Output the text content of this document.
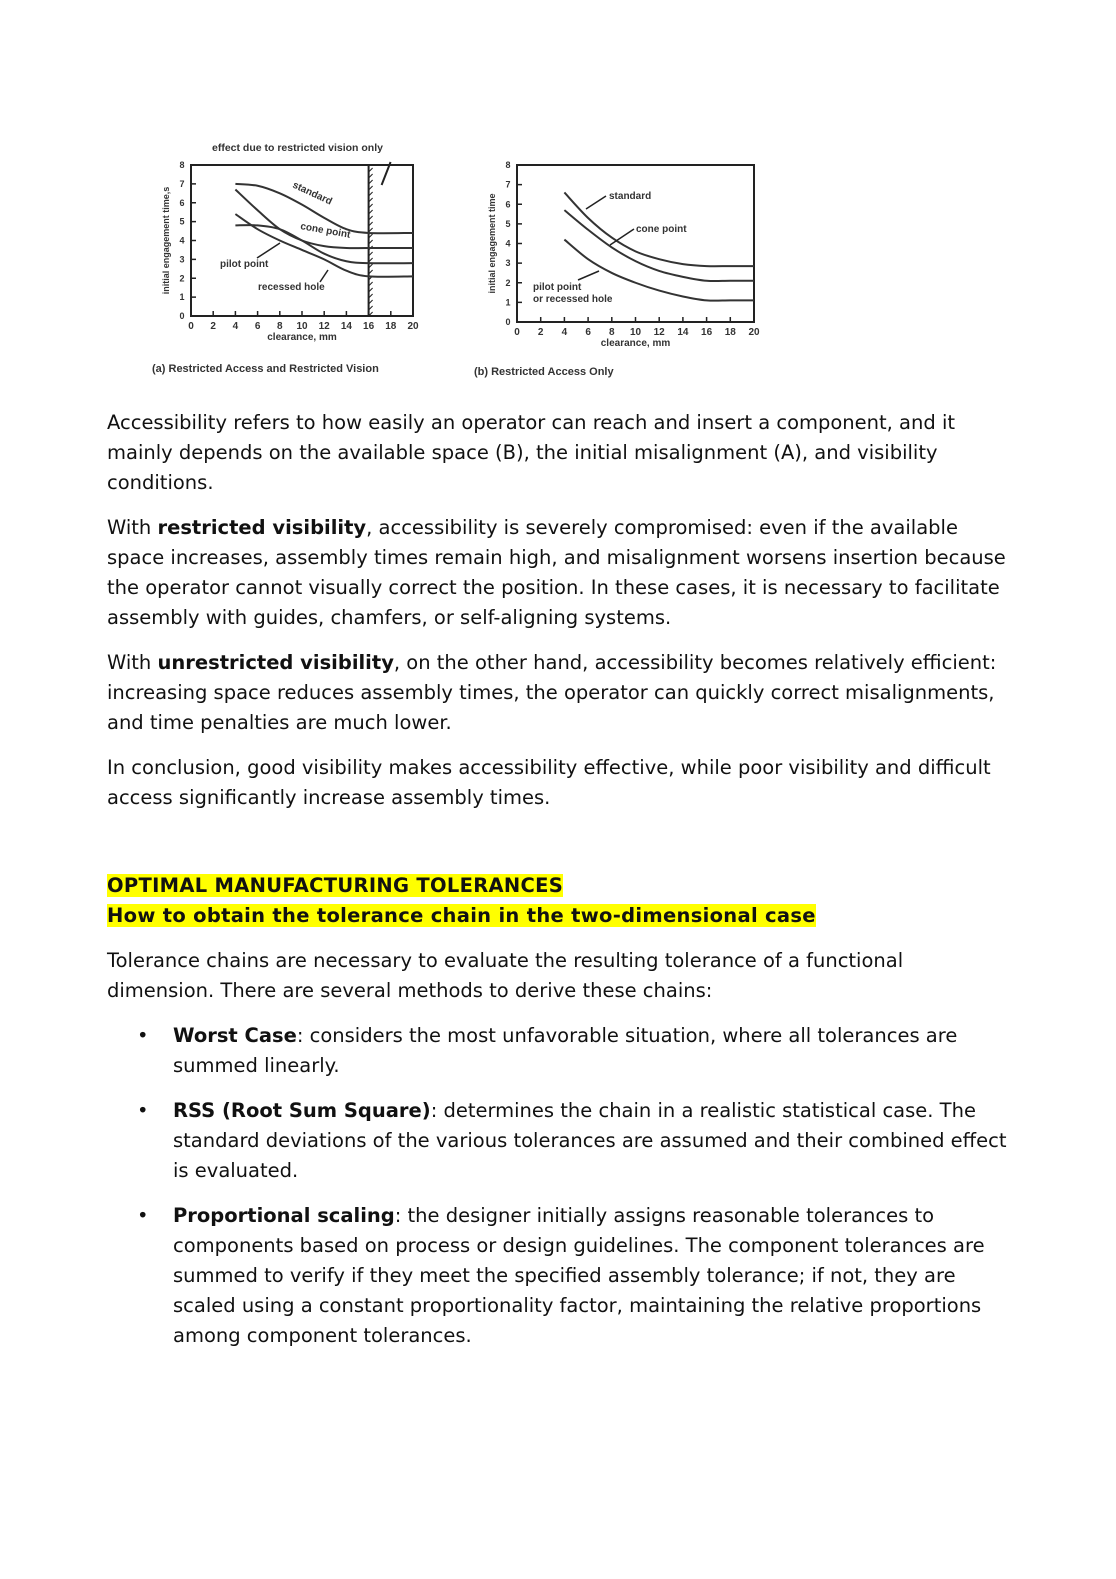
0 2 4 6 8 10 12 14 16 18 20
0
1
2
3
4
5
6
7
8
clearance, mm
initial engagement time,s
(a) Restricted Access and Restricted Vision
effect due to restricted vision only
standard
cone point
pilot point
recessed hole
0 2 4 6 8 10 12 14 16 18 20
0
1
2
3
4
5
6
7
8
clearance, mm
initial engagement time
(b) Restricted Access Only
standard
cone point
pilot point or recessed hole

Accessibility refers to how easily an operator can reach and insert a component, and it mainly depends on the available space (B), the initial misalignment (A), and visibility conditions.

With restricted visibility, accessibility is severely compromised: even if the available space increases, assembly times remain high, and misalignment worsens insertion because the operator cannot visually correct the position. In these cases, it is necessary to facilitate assembly with guides, chamfers, or self-aligning systems.

With unrestricted visibility, on the other hand, accessibility becomes relatively efficient: increasing space reduces assembly times, the operator can quickly correct misalignments, and time penalties are much lower.

In conclusion, good visibility makes accessibility effective, while poor visibility and difficult access significantly increase assembly times.

OPTIMAL MANUFACTURING TOLERANCES
How to obtain the tolerance chain in the two-dimensional case

Tolerance chains are necessary to evaluate the resulting tolerance of a functional dimension. There are several methods to derive these chains:

• Worst Case: considers the most unfavorable situation, where all tolerances are summed linearly.
• RSS (Root Sum Square): determines the chain in a realistic statistical case. The standard deviations of the various tolerances are assumed and their combined effect is evaluated.
• Proportional scaling: the designer initially assigns reasonable tolerances to components based on process or design guidelines. The component tolerances are summed to verify if they meet the specified assembly tolerance; if not, they are scaled using a constant proportionality factor, maintaining the relative proportions among component tolerances.
